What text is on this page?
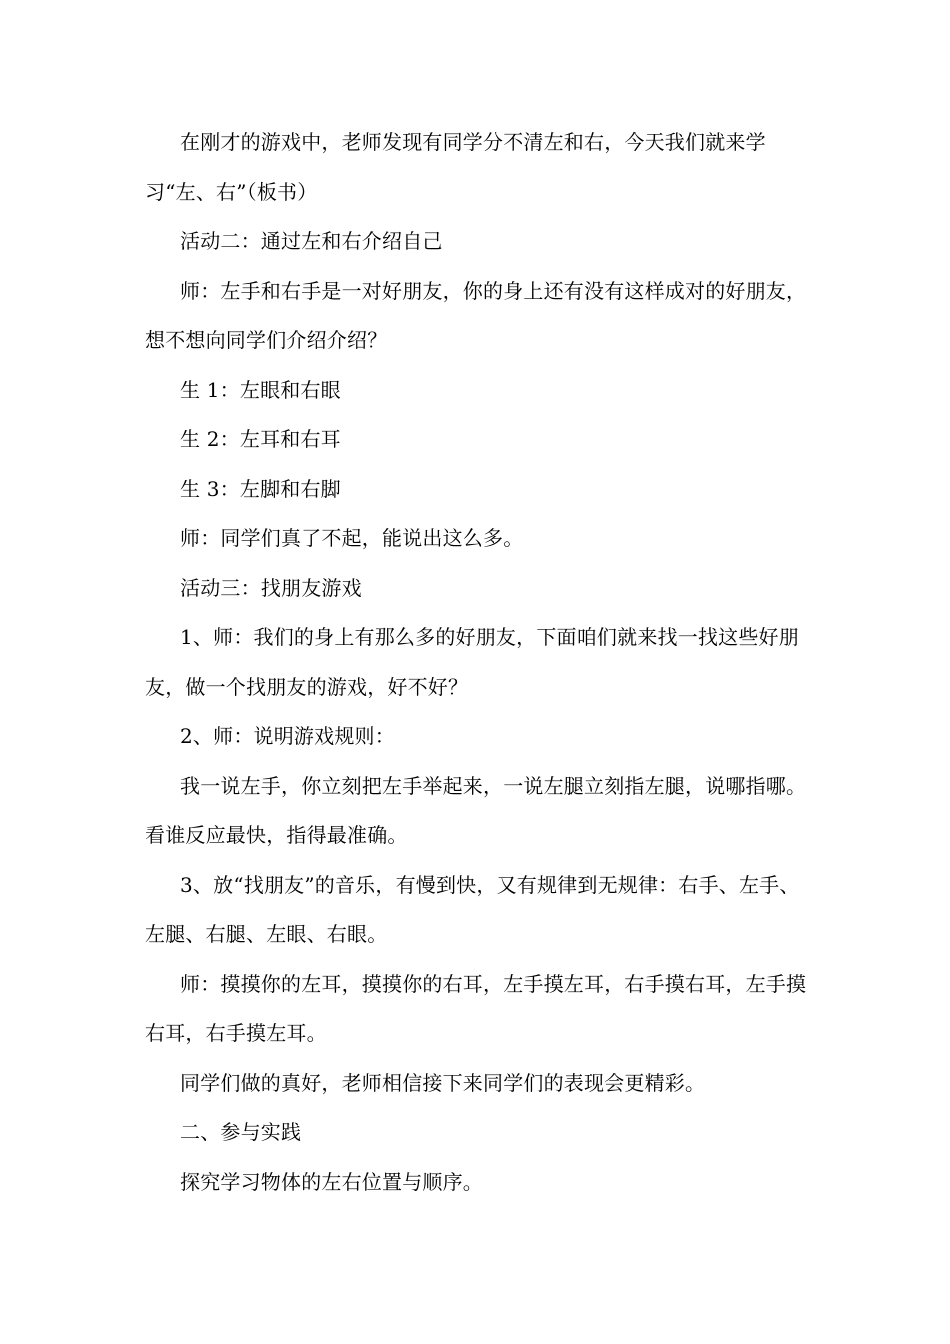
在刚才的游戏中，老师发现有同学分不清左和右，今天我们就来学习“左、右”（板书）

活动二：通过左和右介绍自己

师：左手和右手是一对好朋友，你的身上还有没有这样成对的好朋友，想不想向同学们介绍介绍？

生 1：左眼和右眼

生 2：左耳和右耳

生 3：左脚和右脚

师：同学们真了不起，能说出这么多。

活动三：找朋友游戏

1、师：我们的身上有那么多的好朋友，下面咱们就来找一找这些好朋友，做一个找朋友的游戏，好不好？

2、师：说明游戏规则：

我一说左手，你立刻把左手举起来，一说左腿立刻指左腿，说哪指哪。看谁反应最快，指得最准确。

3、放“找朋友”的音乐，有慢到快，又有规律到无规律：右手、左手、左腿、右腿、左眼、右眼。

师：摸摸你的左耳，摸摸你的右耳，左手摸左耳，右手摸右耳，左手摸右耳，右手摸左耳。

同学们做的真好，老师相信接下来同学们的表现会更精彩。

二、参与实践

探究学习物体的左右位置与顺序。
